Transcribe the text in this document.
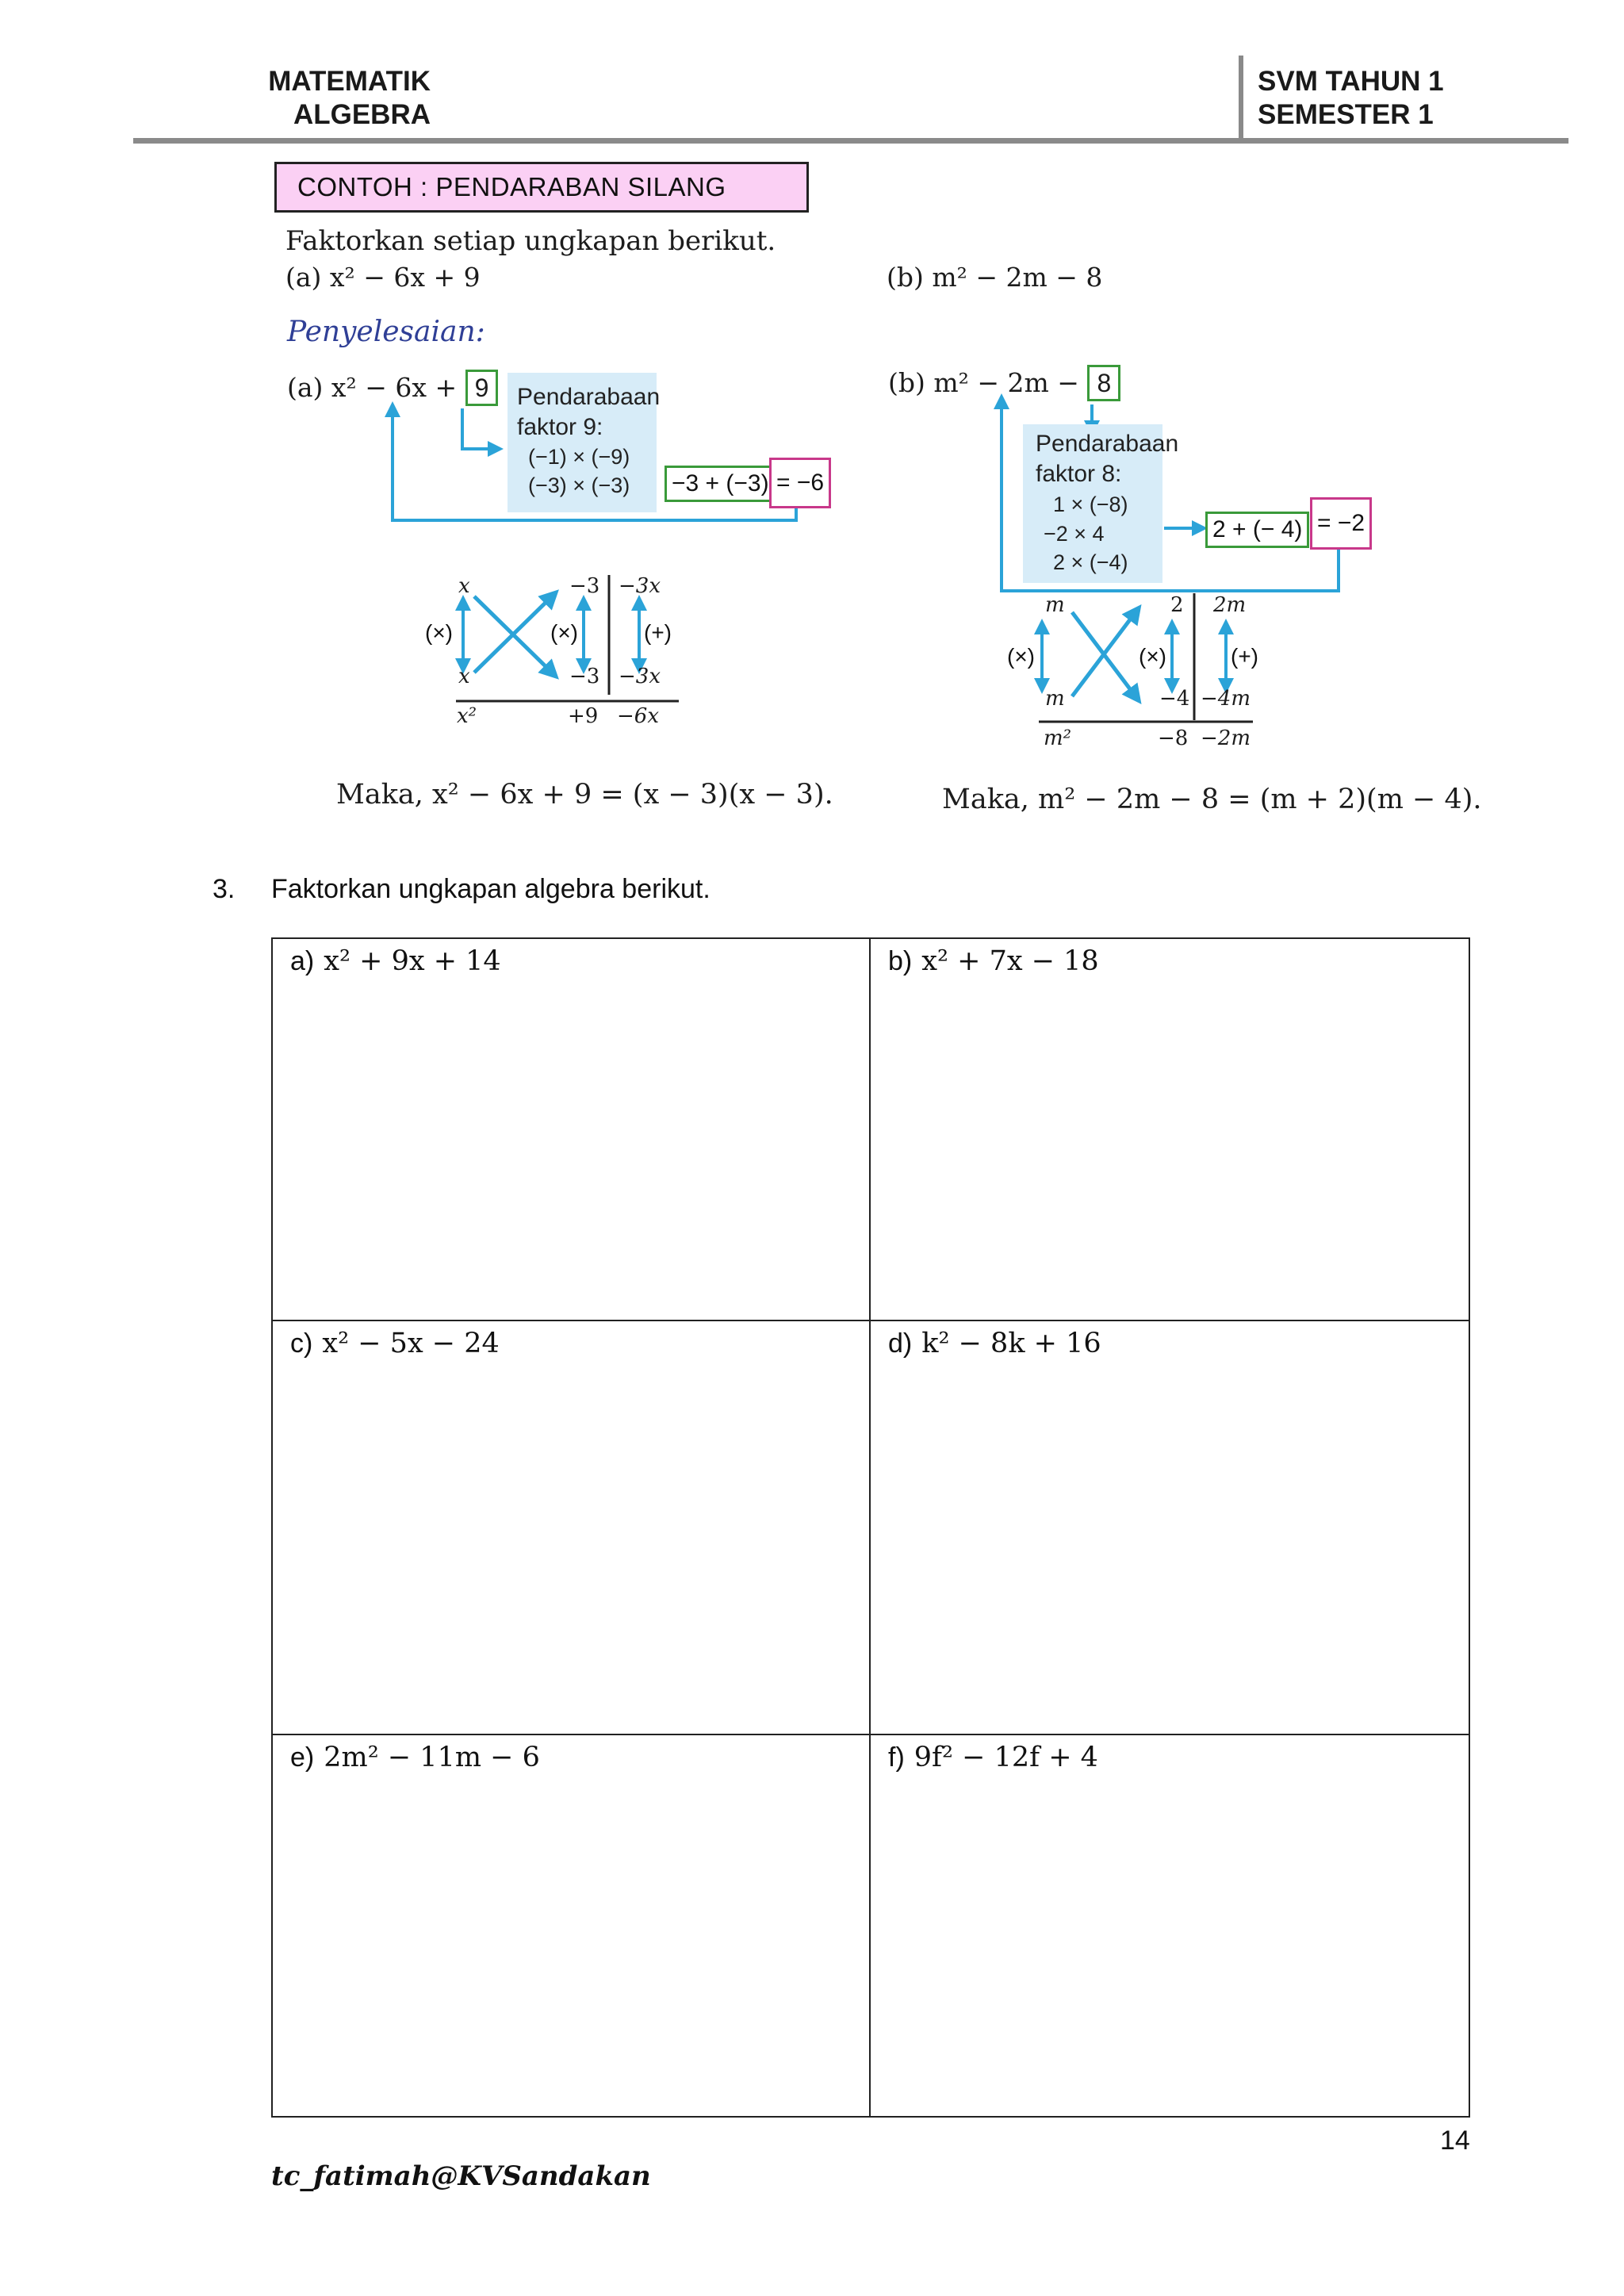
MATEMATIK
ALGEBRA
SVM TAHUN 1
SEMESTER 1
CONTOH : PENDARABAN SILANG
Faktorkan setiap ungkapan berikut.
(a) x² − 6x + 9	(b) m² − 2m − 8
Penyelesaian:
(a) x² − 6x + 9	(b) m² − 2m − 8
Pendarabaan
faktor 9:
(−1) × (−9)
(−3) × (−3)	−3 + (−3) = −6
Pendarabaan
faktor 8:
1 × (−8)
−2 × 4
2 × (−4)
2 + (− 4) = −2
x
x
x²
−3
−3
+9
−3x
−3x
−6x
(×)	(×)	(+)
m
m
m²
2
−4
−8
2m
−4m
−2m
(×)	(×)	(+)
Maka, x² − 6x + 9 = (x − 3)(x − 3).	Maka, m² − 2m − 8 = (m + 2)(m − 4).
3. Faktorkan ungkapan algebra berikut.
a) x² + 9x + 14	b) x² + 7x − 18
c) x² − 5x − 24	d) k² − 8k + 16
e) 2m² − 11m − 6	f) 9f² − 12f + 4
14
tc_fatimah@KVSandakan
